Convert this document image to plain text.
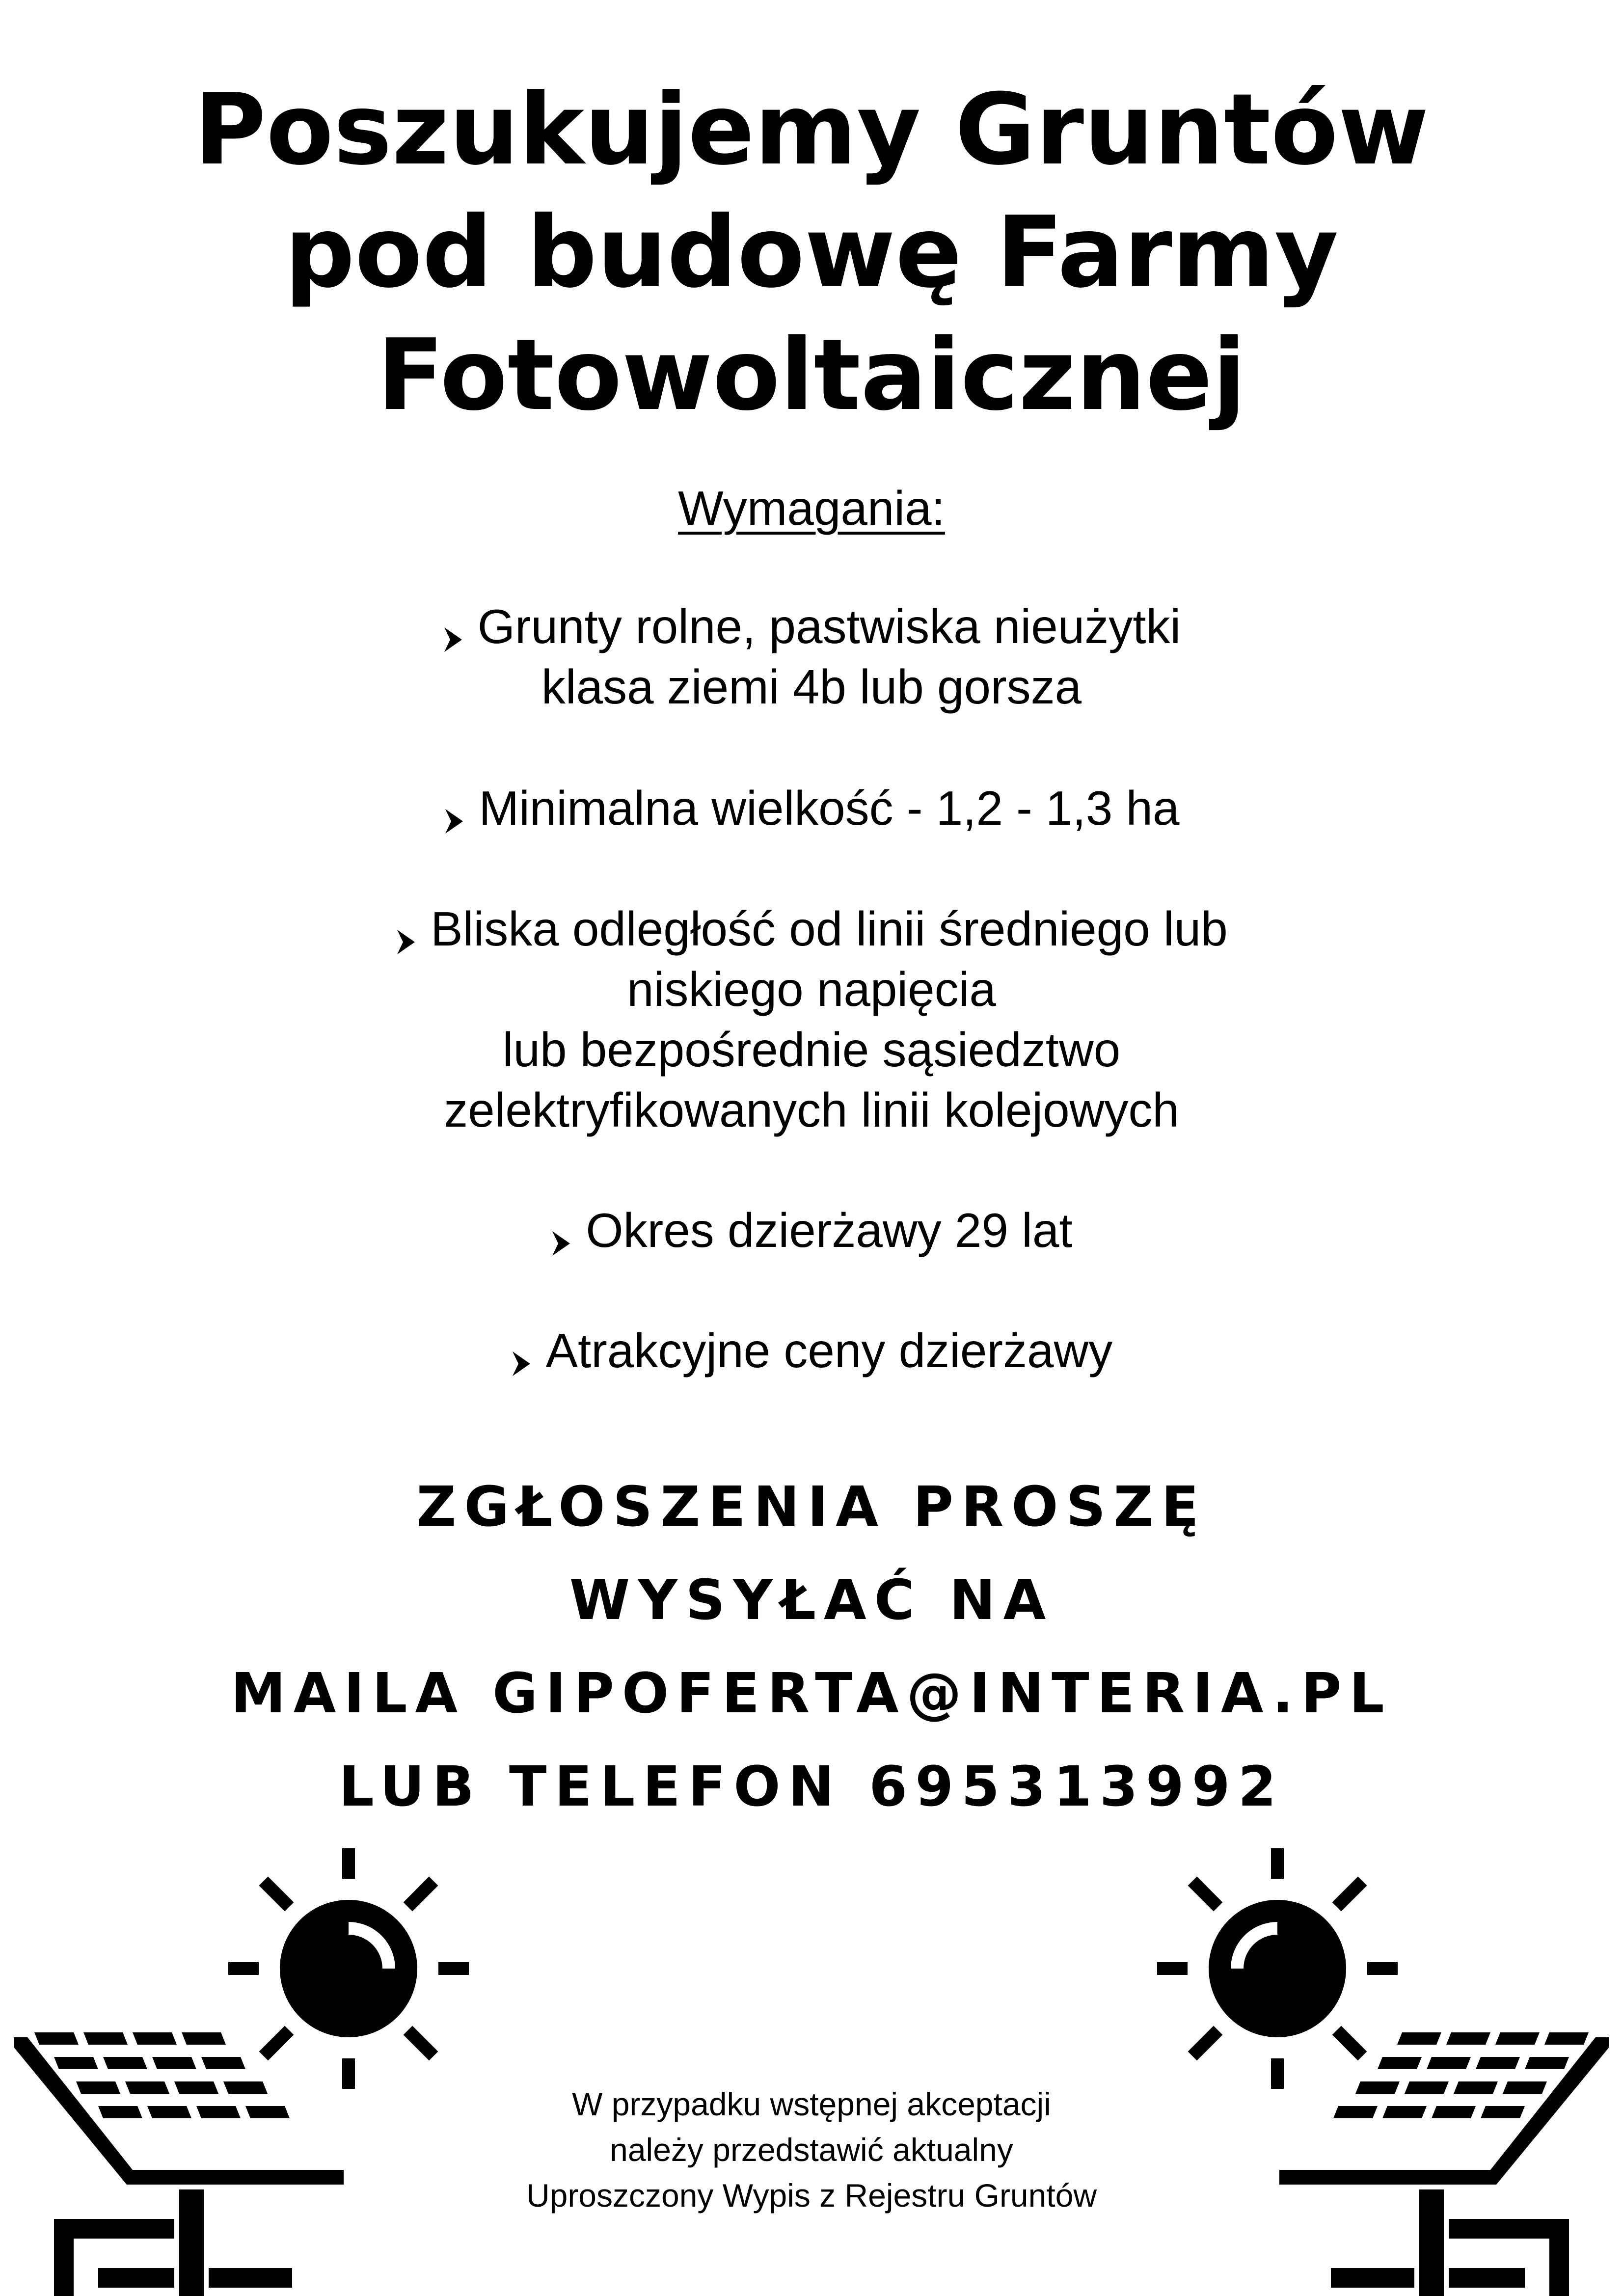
Poszukujemy Gruntów
pod budowę Farmy
Fotowoltaicznej
Wymagania:
Grunty rolne, pastwiska nieużytki
klasa ziemi 4b lub gorsza
Minimalna wielkość - 1,2 - 1,3 ha
Bliska odległość od linii średniego lub
niskiego napięcia
lub bezpośrednie sąsiedztwo
zelektryfikowanych linii kolejowych
Okres dzierżawy 29 lat
Atrakcyjne ceny dzierżawy
ZGŁOSZENIA PROSZĘ
WYSYŁAĆ NA
MAILA GIPOFERTA@INTERIA.PL
LUB TELEFON 695313992
W przypadku wstępnej akceptacji
należy przedstawić aktualny
Uproszczony Wypis z Rejestru Gruntów
